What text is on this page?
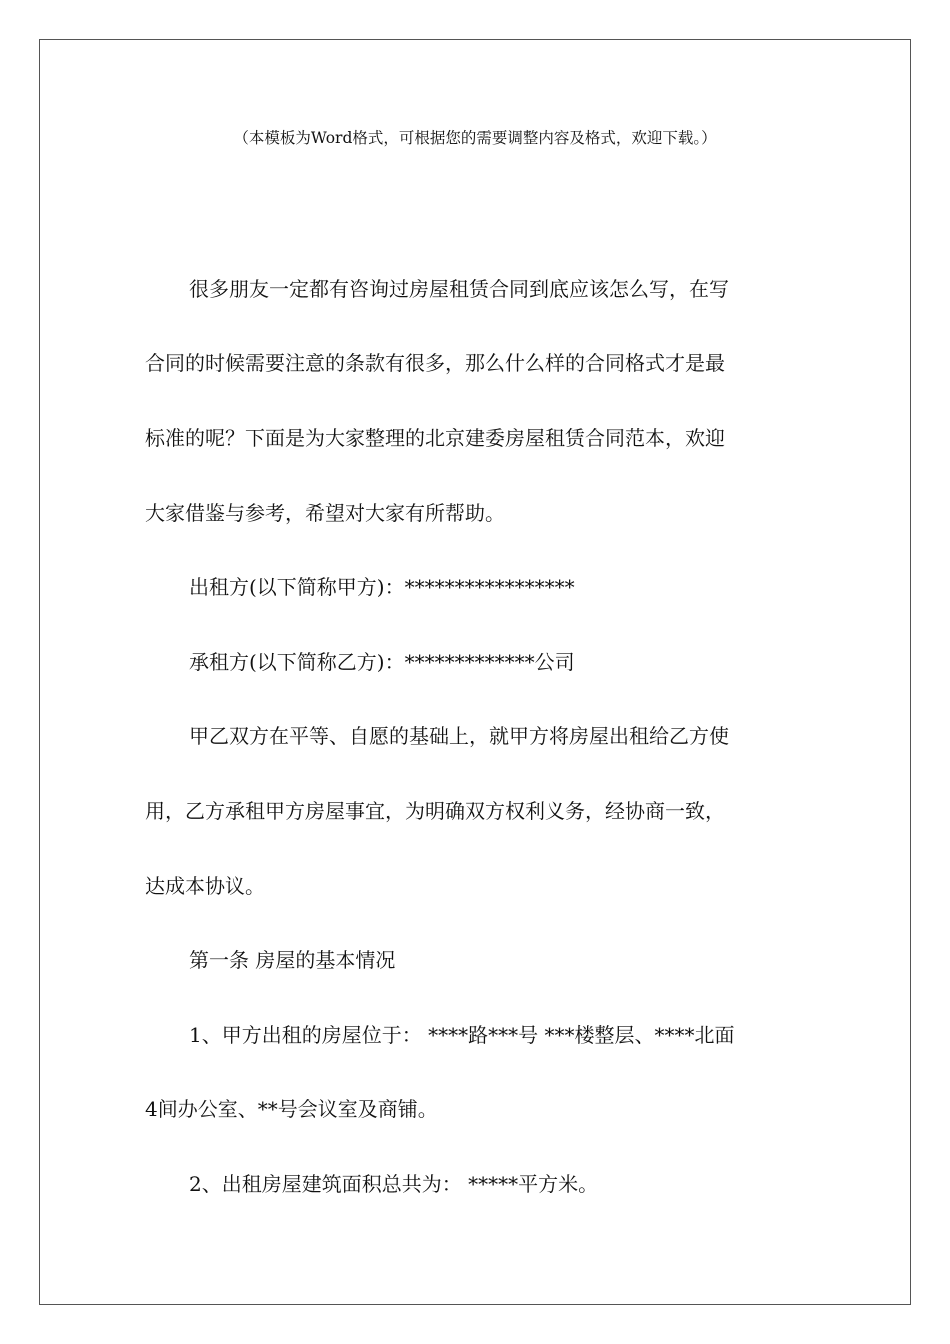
（本模板为Word格式，可根据您的需要调整内容及格式，欢迎下载。）

很多朋友一定都有咨询过房屋租赁合同到底应该怎么写，在写

合同的时候需要注意的条款有很多，那么什么样的合同格式才是最

标准的呢？下面是为大家整理的北京建委房屋租赁合同范本，欢迎

大家借鉴与参考，希望对大家有所帮助。

出租方(以下简称甲方)：*****************

承租方(以下简称乙方)：*************公司

甲乙双方在平等、自愿的基础上，就甲方将房屋出租给乙方使

用，乙方承租甲方房屋事宜，为明确双方权利义务，经协商一致，

达成本协议。

第一条 房屋的基本情况

1、甲方出租的房屋位于： ****路***号 ***楼整层、****北面

4间办公室、**号会议室及商铺。

2、出租房屋建筑面积总共为： *****平方米。
